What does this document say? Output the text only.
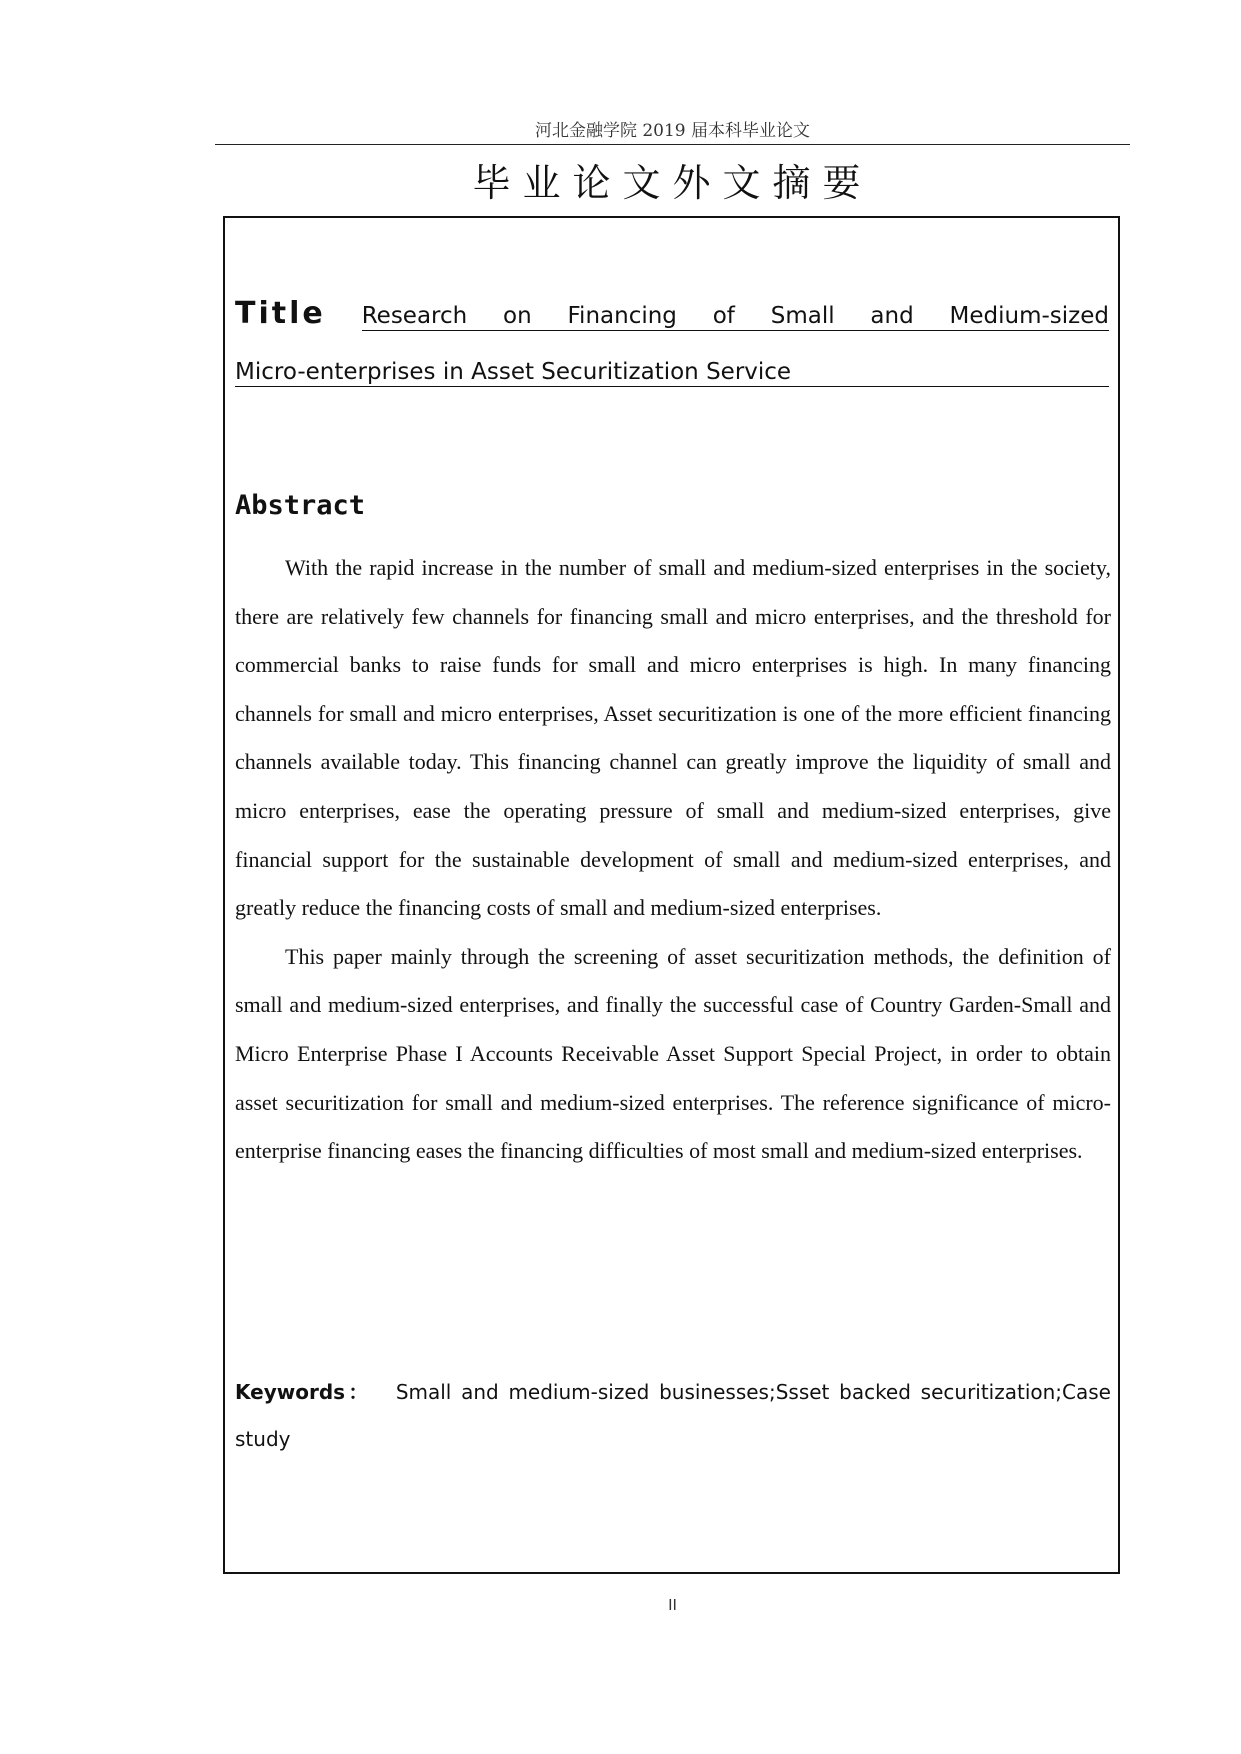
河北金融学院 2019 届本科毕业论文
毕业论文外文摘要
Title Research on Financing of Small and Medium-sized
Micro-enterprises in Asset Securitization Service
Abstract

With the rapid increase in the number of small and medium-sized enterprises in the society, there are relatively few channels for financing small and micro enterprises, and the threshold for commercial banks to raise funds for small and micro enterprises is high. In many financing channels for small and micro enterprises, Asset securitization is one of the more efficient financing channels available today. This financing channel can greatly improve the liquidity of small and micro enterprises, ease the operating pressure of small and medium-sized enterprises, give financial support for the sustainable development of small and medium-sized enterprises, and greatly reduce the financing costs of small and medium-sized enterprises.

This paper mainly through the screening of asset securitization methods, the definition of small and medium-sized enterprises, and finally the successful case of Country Garden-Small and Micro Enterprise Phase I Accounts Receivable Asset Support Special Project, in order to obtain asset securitization for small and medium-sized enterprises. The reference significance of micro-enterprise financing eases the financing difficulties of most small and medium-sized enterprises.

Keywords： Small and medium-sized businesses;Ssset backed securitization;Case study
II
